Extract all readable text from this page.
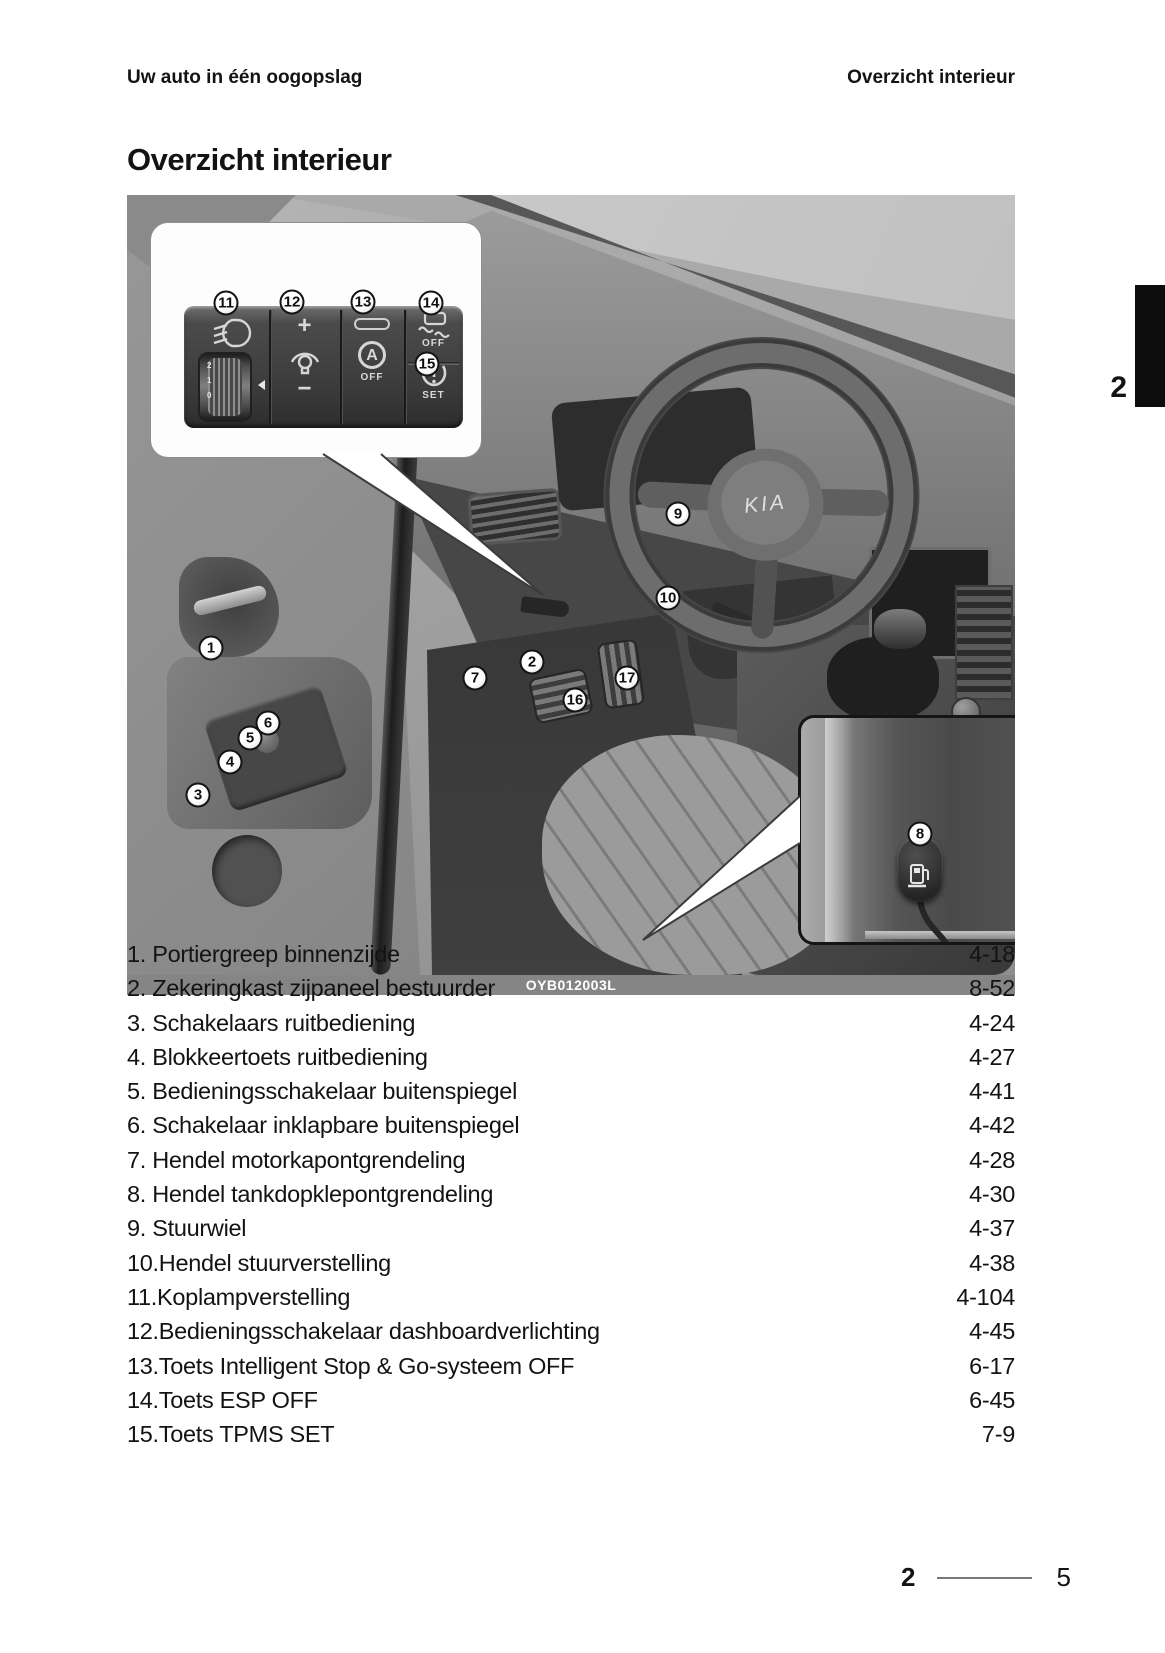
Uw auto in één oogopslag	Overzicht interieur
Overzicht interieur
2
KIA
2
1
0
+
−
A
OFF
OFF
SET
1
2
3
4
5
6
7
8
9
10
11	12	13	14
15
16
17
OYB012003L
1. Portiergreep binnenzijde	4-18
2. Zekeringkast zijpaneel bestuurder	8-52
3. Schakelaars ruitbediening	4-24
4. Blokkeertoets ruitbediening	4-27
5. Bedieningsschakelaar buitenspiegel	4-41
6. Schakelaar inklapbare buitenspiegel	4-42
7. Hendel motorkapontgrendeling	4-28
8. Hendel tankdopklepontgrendeling	4-30
9. Stuurwiel	4-37
10.Hendel stuurverstelling	4-38
11.Koplampverstelling	4-104
12.Bedieningsschakelaar dashboardverlichting	4-45
13.Toets Intelligent Stop & Go-systeem OFF	6-17
14.Toets ESP OFF	6-45
15.Toets TPMS SET	7-9
2	5
